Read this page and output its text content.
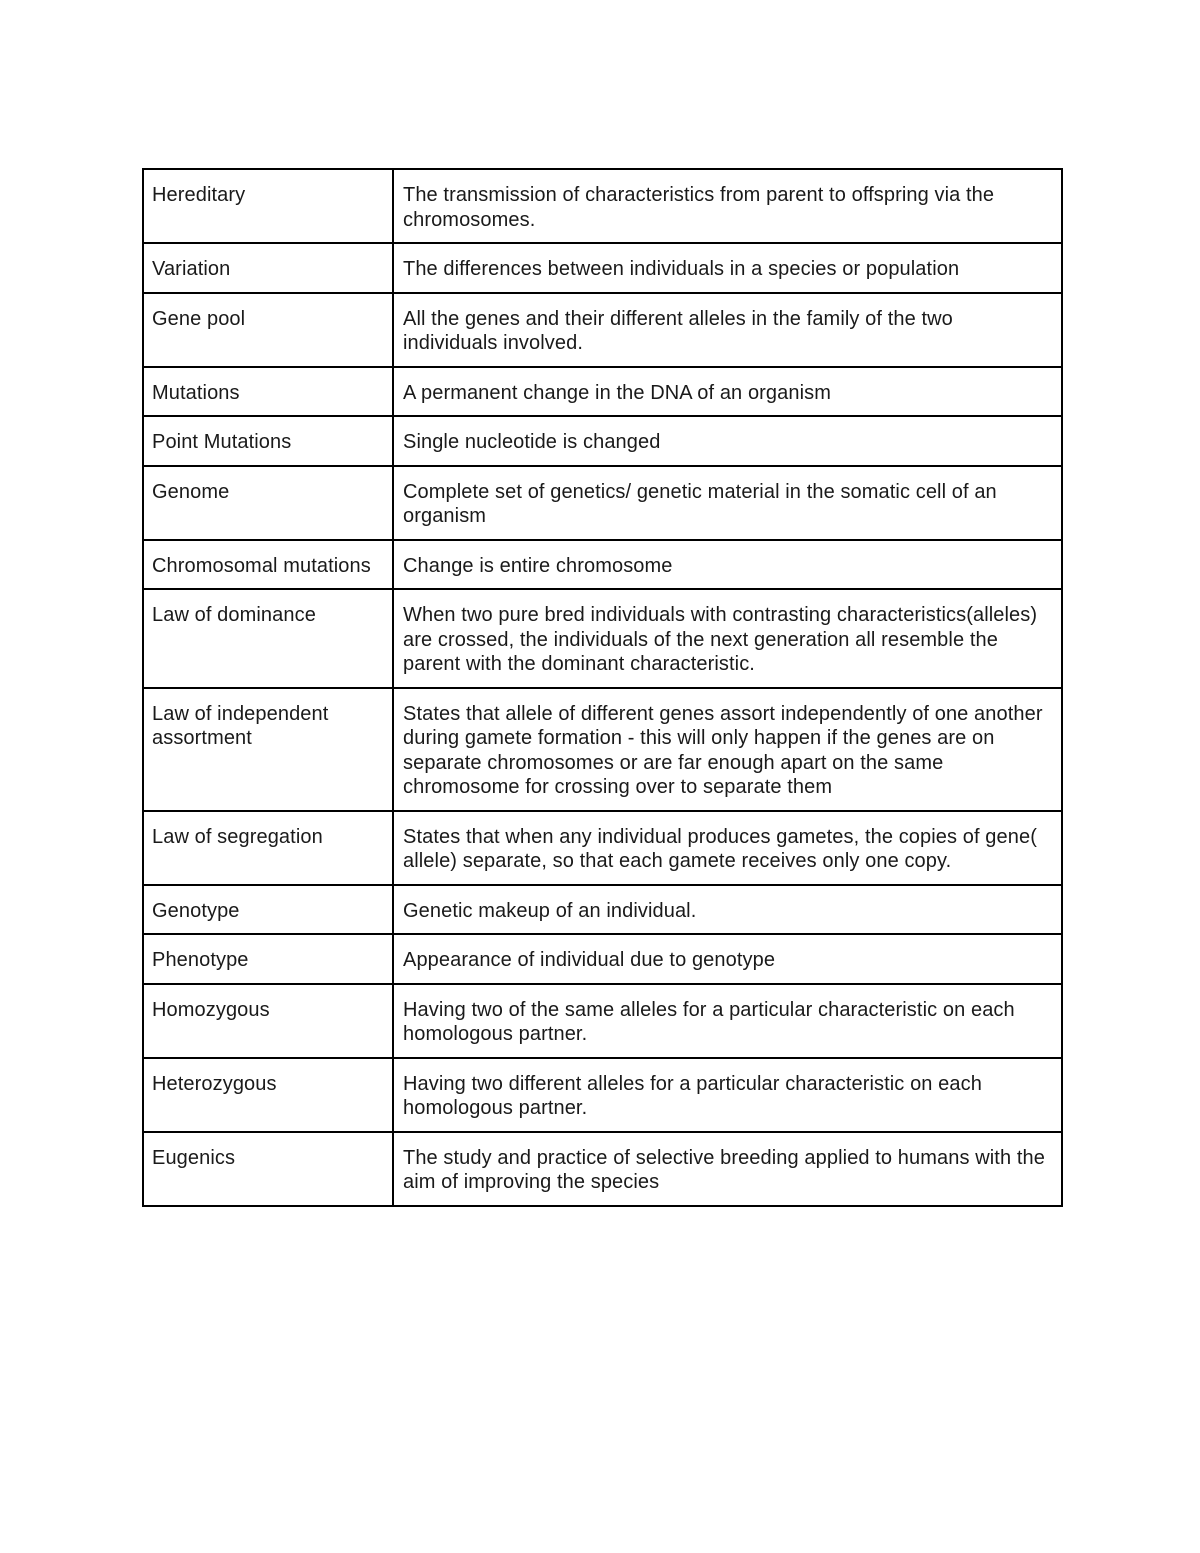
Hereditary	The transmission of characteristics from parent to offspring via the chromosomes.
Variation	The differences between individuals in a species or population
Gene pool	All the genes and their different alleles in the family of the two individuals involved.
Mutations	A permanent change in the DNA of an organism
Point Mutations	Single nucleotide is changed
Genome	Complete set of genetics/ genetic material in the somatic cell of an organism
Chromosomal mutations	Change is entire chromosome
Law of dominance	When two pure bred individuals with contrasting characteristics(alleles) are crossed, the individuals of the next generation all resemble the parent with the dominant characteristic.
Law of independent assortment	States that allele of different genes assort independently of one another during gamete formation - this will only happen if the genes are on separate chromosomes or are far enough apart on the same chromosome for crossing over to separate them
Law of segregation	States that when any individual produces gametes, the copies of gene( allele) separate, so that each gamete receives only one copy.
Genotype	Genetic makeup of an individual.
Phenotype	Appearance of individual due to genotype
Homozygous	Having two of the same alleles for a particular characteristic on each homologous partner.
Heterozygous	Having two different alleles for a particular characteristic on each homologous partner.
Eugenics	The study and practice of selective breeding applied to humans with the aim of improving the species
